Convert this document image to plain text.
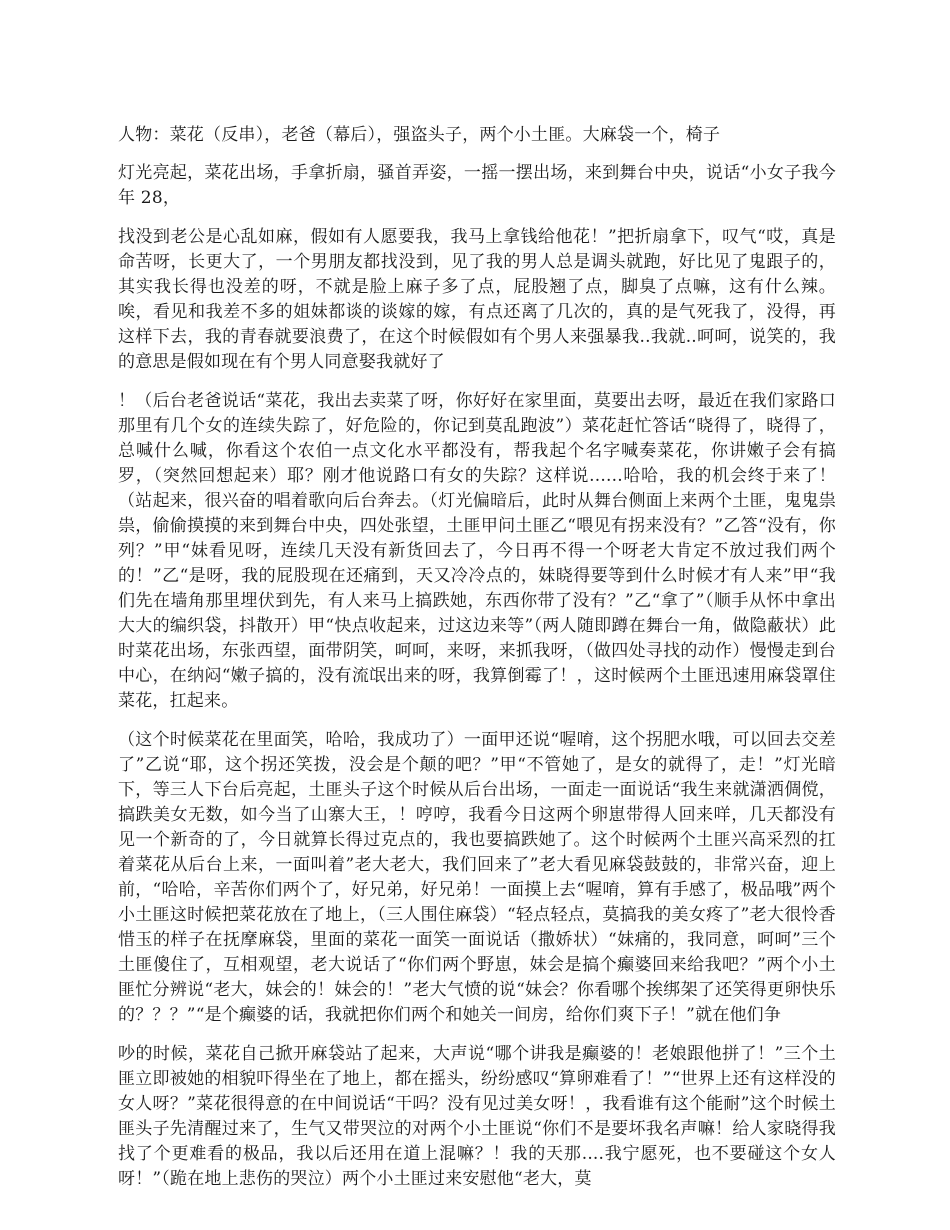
人物：菜花（反串），老爸（幕后），强盗头子，两个小土匪。大麻袋一个，椅子

灯光亮起，菜花出场，手拿折扇，骚首弄姿，一摇一摆出场，来到舞台中央，说话“小女子我今年 28，

找没到老公是心乱如麻，假如有人愿要我，我马上拿钱给他花！”把折扇拿下，叹气“哎，真是命苦呀，长更大了，一个男朋友都找没到，见了我的男人总是调头就跑，好比见了鬼跟子的，其实我长得也没差的呀，不就是脸上麻子多了点，屁股翘了点，脚臭了点嘛，这有什么辣。唉，看见和我差不多的姐妹都谈的谈嫁的嫁，有点还离了几次的，真的是气死我了，没得，再这样下去，我的青春就要浪费了，在这个时候假如有个男人来强暴我..我就..呵呵，说笑的，我的意思是假如现在有个男人同意娶我就好了

！（后台老爸说话“菜花，我出去卖菜了呀，你好好在家里面，莫要出去呀，最近在我们家路口那里有几个女的连续失踪了，好危险的，你记到莫乱跑波”）菜花赶忙答话“晓得了，晓得了，总喊什么喊，你看这个农伯一点文化水平都没有，帮我起个名字喊奏菜花，你讲嫩子会有搞罗，（突然回想起来）耶？刚才他说路口有女的失踪？这样说......哈哈，我的机会终于来了！（站起来，很兴奋的唱着歌向后台奔去。（灯光偏暗后，此时从舞台侧面上来两个土匪，鬼鬼祟祟，偷偷摸摸的来到舞台中央，四处张望，土匪甲问土匪乙“喂见有拐来没有？”乙答“没有，你列？”甲“妹看见呀，连续几天没有新货回去了，今日再不得一个呀老大肯定不放过我们两个的！”乙“是呀，我的屁股现在还痛到，天又冷冷点的，妹晓得要等到什么时候才有人来”甲“我们先在墙角那里埋伏到先，有人来马上搞跌她，东西你带了没有？”乙“拿了”（顺手从怀中拿出大大的编织袋，抖散开）甲“快点收起来，过这边来等”（两人随即蹲在舞台一角，做隐蔽状）此时菜花出场，东张西望，面带阴笑，呵呵，来呀，来抓我呀，（做四处寻找的动作）慢慢走到台中心，在纳闷“嫩子搞的，没有流氓出来的呀，我算倒霉了！，这时候两个土匪迅速用麻袋罩住菜花，扛起来。

（这个时候菜花在里面笑，哈哈，我成功了）一面甲还说“喔唷，这个拐肥水哦，可以回去交差了”乙说“耶，这个拐还笑拨，没会是个颠的吧？”甲“不管她了，是女的就得了，走！”灯光暗下，等三人下台后亮起，土匪头子这个时候从后台出场，一面走一面说话“我生来就潇洒倜傥，搞跌美女无数，如今当了山寨大王，！哼哼，我看今日这两个卵崽带得人回来咩，几天都没有见一个新奇的了，今日就算长得过克点的，我也要搞跌她了。这个时候两个土匪兴高采烈的扛着菜花从后台上来，一面叫着”老大老大，我们回来了”老大看见麻袋鼓鼓的，非常兴奋，迎上前，“哈哈，辛苦你们两个了，好兄弟，好兄弟！一面摸上去“喔唷，算有手感了，极品哦”两个小土匪这时候把菜花放在了地上，（三人围住麻袋）“轻点轻点，莫搞我的美女疼了”老大很怜香惜玉的样子在抚摩麻袋，里面的菜花一面笑一面说话（撒娇状）“妹痛的，我同意，呵呵”三个土匪傻住了，互相观望，老大说话了“你们两个野崽，妹会是搞个癫婆回来给我吧？”两个小土匪忙分辨说“老大，妹会的！妹会的！”老大气愤的说“妹会？你看哪个挨绑架了还笑得更卵快乐的？？？”“是个癫婆的话，我就把你们两个和她关一间房，给你们爽下子！”就在他们争

吵的时候，菜花自己掀开麻袋站了起来，大声说“哪个讲我是癫婆的！老娘跟他拼了！”三个土匪立即被她的相貌吓得坐在了地上，都在摇头，纷纷感叹“算卵难看了！”“世界上还有这样没的女人呀？”菜花很得意的在中间说话“干吗？没有见过美女呀！，我看谁有这个能耐”这个时候土匪头子先清醒过来了，生气又带哭泣的对两个小土匪说“你们不是要坏我名声嘛！给人家晓得我找了个更难看的极品，我以后还用在道上混嘛？！我的天那....我宁愿死，也不要碰这个女人呀！”（跪在地上悲伤的哭泣）两个小土匪过来安慰他“老大，莫
